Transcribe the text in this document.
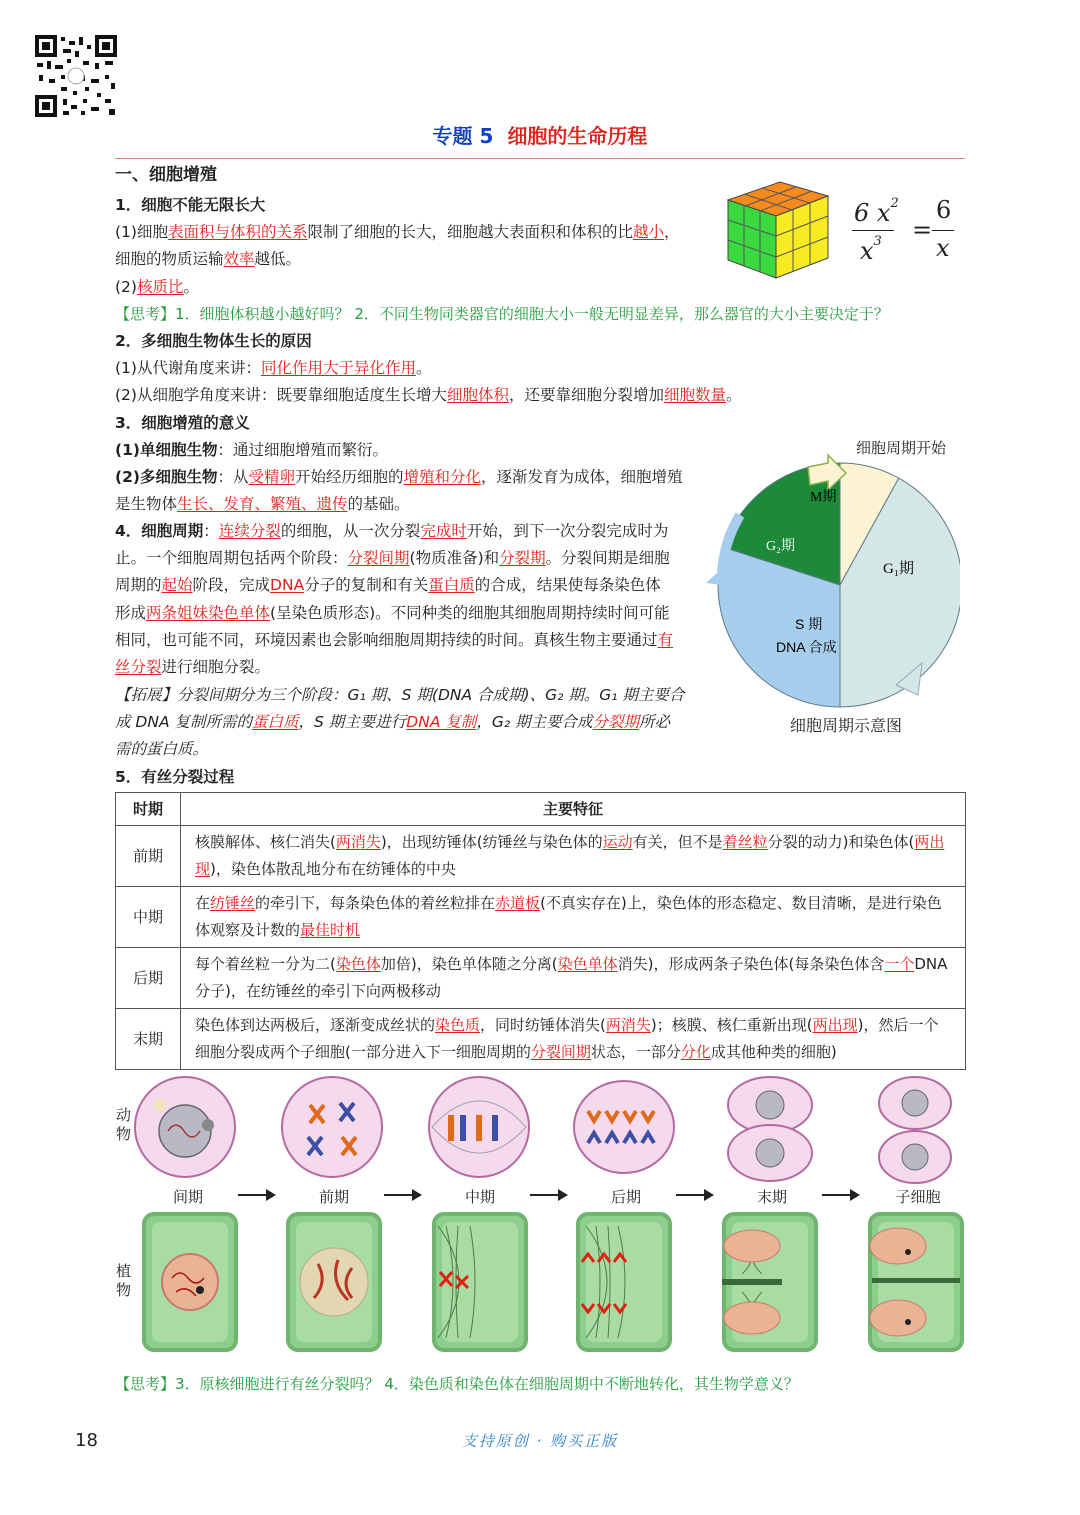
专题 5 细胞的生命历程
一、细胞增殖
1．细胞不能无限长大
(1)细胞表面积与体积的关系限制了细胞的长大，细胞越大表面积和体积的比越小，
细胞的物质运输效率越低。
(2)核质比。
6 $x^2$
$x^3$ =
6
x
【思考】1．细胞体积越小越好吗？ 2．不同生物同类器官的细胞大小一般无明显差异，那么器官的大小主要决定于？
2．多细胞生物体生长的原因
(1)从代谢角度来讲：同化作用大于异化作用。
(2)从细胞学角度来讲：既要靠细胞适度生长增大细胞体积，还要靠细胞分裂增加细胞数量。
3．细胞增殖的意义
(1)单细胞生物：通过细胞增殖而繁衍。
(2)多细胞生物：从受精卵开始经历细胞的增殖和分化，逐渐发育为成体，细胞增殖
是生物体生长、发育、繁殖、遗传的基础。
4．细胞周期：连续分裂的细胞，从一次分裂完成时开始，到下一次分裂完成时为
止。一个细胞周期包括两个阶段：分裂间期(物质准备)和分裂期。分裂间期是细胞
周期的起始阶段，完成DNA分子的复制和有关蛋白质的合成，结果使每条染色体
形成两条姐妹染色单体(呈染色质形态)。不同种类的细胞其细胞周期持续时间可能
相同，也可能不同，环境因素也会影响细胞周期持续的时间。真核生物主要通过有
丝分裂进行细胞分裂。
【拓展】分裂间期分为三个阶段：G₁ 期、S 期(DNA 合成期)、G₂ 期。G₁ 期主要合
成 DNA 复制所需的蛋白质，S 期主要进行DNA 复制，G₂ 期主要合成分裂期所必
需的蛋白质。
M期
G₂期
G₁期
S 期
DNA 合成
细胞周期开始
细胞周期示意图
5．有丝分裂过程
时期	主要特征
前期	核膜解体、核仁消失(两消失)，出现纺锤体(纺锤丝与染色体的运动有关，但不是着丝粒分裂的动力)和染色体(两出现)，染色体散乱地分布在纺锤体的中央
中期	在纺锤丝的牵引下，每条染色体的着丝粒排在赤道板(不真实存在)上，染色体的形态稳定、数目清晰，是进行染色体观察及计数的最佳时机
后期	每个着丝粒一分为二(染色体加倍)，染色单体随之分离(染色单体消失)，形成两条子染色体(每条染色体含一个DNA 分子)，在纺锤丝的牵引下向两极移动
末期	染色体到达两极后，逐渐变成丝状的染色质，同时纺锤体消失(两消失)；核膜、核仁重新出现(两出现)，然后一个细胞分裂成两个子细胞(一部分进入下一细胞周期的分裂间期状态，一部分分化成其他种类的细胞)
动
物
植
物
间期	前期	中期	后期	末期	子细胞
【思考】3．原核细胞进行有丝分裂吗？ 4．染色质和染色体在细胞周期中不断地转化，其生物学意义？
18	支持原创 · 购买正版
